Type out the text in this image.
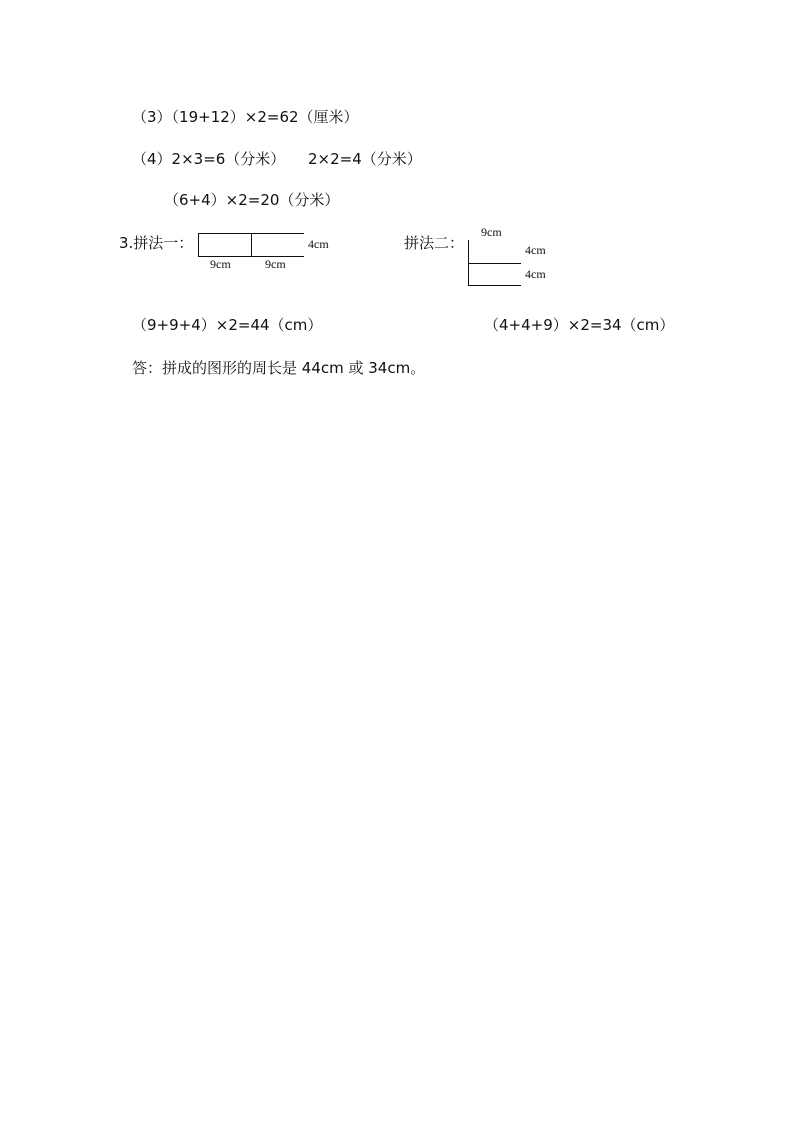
（3）（19+12）×2=62（厘米）
（4）2×3=6（分米） 2×2=4（分米）
（6+4）×2=20（分米）
3.拼法一：	拼法二：
4cm
9cm	9cm
9cm
4cm
4cm
（9+9+4）×2=44（cm）	（4+4+9）×2=34（cm）
答：拼成的图形的周长是 44cm 或 34cm。
